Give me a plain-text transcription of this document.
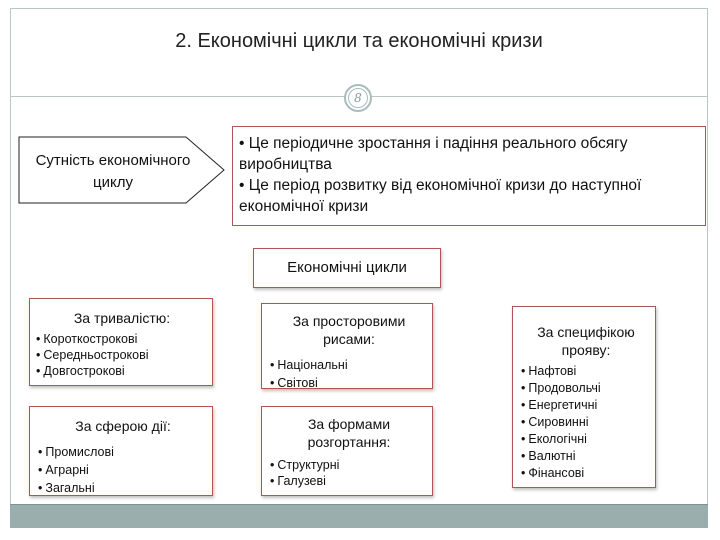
2. Економічні цикли та економічні кризи
8
Сутність економічного циклу
• Це періодичне зростання і падіння реального обсягу виробництва
• Це період розвитку від економічної кризи до наступної економічної кризи
Економічні цикли
За тривалістю:
• Короткострокові
• Середньострокові
• Довгострокові
За сферою дії:
• Промислові
• Аграрні
• Загальні
За просторовими рисами:
• Національні
• Світові
За формами розгортання:
• Структурні
• Галузеві
За специфікою прояву:
• Нафтові
• Продовольчі
• Енергетичні
• Сировинні
• Екологічні
• Валютні
• Фінансові
